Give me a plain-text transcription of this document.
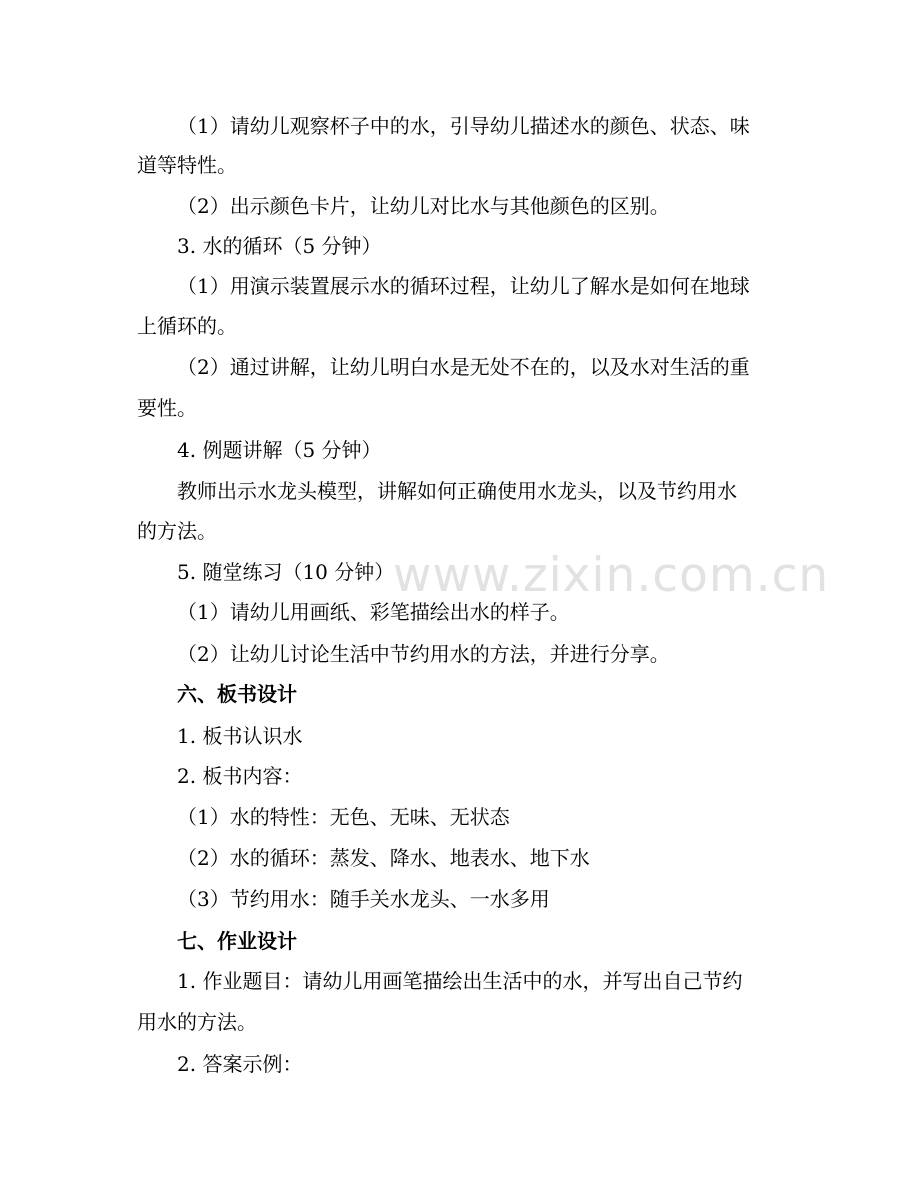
www.zixin.com.cn
（1）请幼儿观察杯子中的水，引导幼儿描述水的颜色、状态、味
道等特性。
（2）出示颜色卡片，让幼儿对比水与其他颜色的区别。
3. 水的循环（5 分钟）
（1）用演示装置展示水的循环过程，让幼儿了解水是如何在地球
上循环的。
（2）通过讲解，让幼儿明白水是无处不在的，以及水对生活的重
要性。
4. 例题讲解（5 分钟）
教师出示水龙头模型，讲解如何正确使用水龙头，以及节约用水
的方法。
5. 随堂练习（10 分钟）
（1）请幼儿用画纸、彩笔描绘出水的样子。
（2）让幼儿讨论生活中节约用水的方法，并进行分享。
六、板书设计
1. 板书认识水
2. 板书内容：
（1）水的特性：无色、无味、无状态
（2）水的循环：蒸发、降水、地表水、地下水
（3）节约用水：随手关水龙头、一水多用
七、作业设计
1. 作业题目：请幼儿用画笔描绘出生活中的水，并写出自己节约
用水的方法。
2. 答案示例：
